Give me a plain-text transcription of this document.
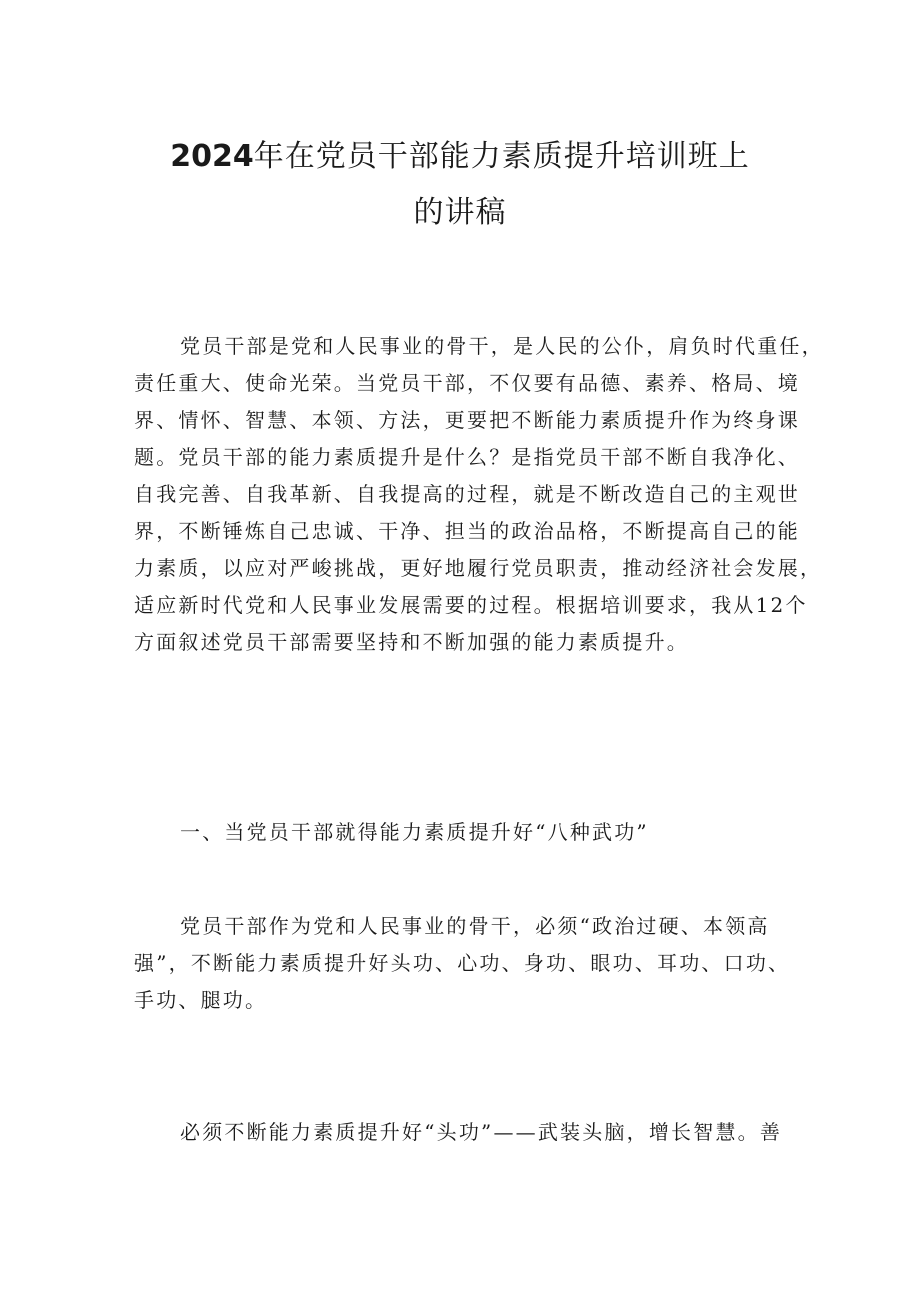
2024年在党员干部能力素质提升培训班上
的讲稿
党员干部是党和人民事业的骨干，是人民的公仆，肩负时代重任，
责任重大、使命光荣。当党员干部，不仅要有品德、素养、格局、境
界、情怀、智慧、本领、方法，更要把不断能力素质提升作为终身课
题。党员干部的能力素质提升是什么？是指党员干部不断自我净化、
自我完善、自我革新、自我提高的过程，就是不断改造自己的主观世
界，不断锤炼自己忠诚、干净、担当的政治品格，不断提高自己的能
力素质，以应对严峻挑战，更好地履行党员职责，推动经济社会发展，
适应新时代党和人民事业发展需要的过程。根据培训要求，我从12个
方面叙述党员干部需要坚持和不断加强的能力素质提升。
一、当党员干部就得能力素质提升好“八种武功”
党员干部作为党和人民事业的骨干，必须“政治过硬、本领高
强”，不断能力素质提升好头功、心功、身功、眼功、耳功、口功、
手功、腿功。
必须不断能力素质提升好“头功”——武装头脑，增长智慧。善
